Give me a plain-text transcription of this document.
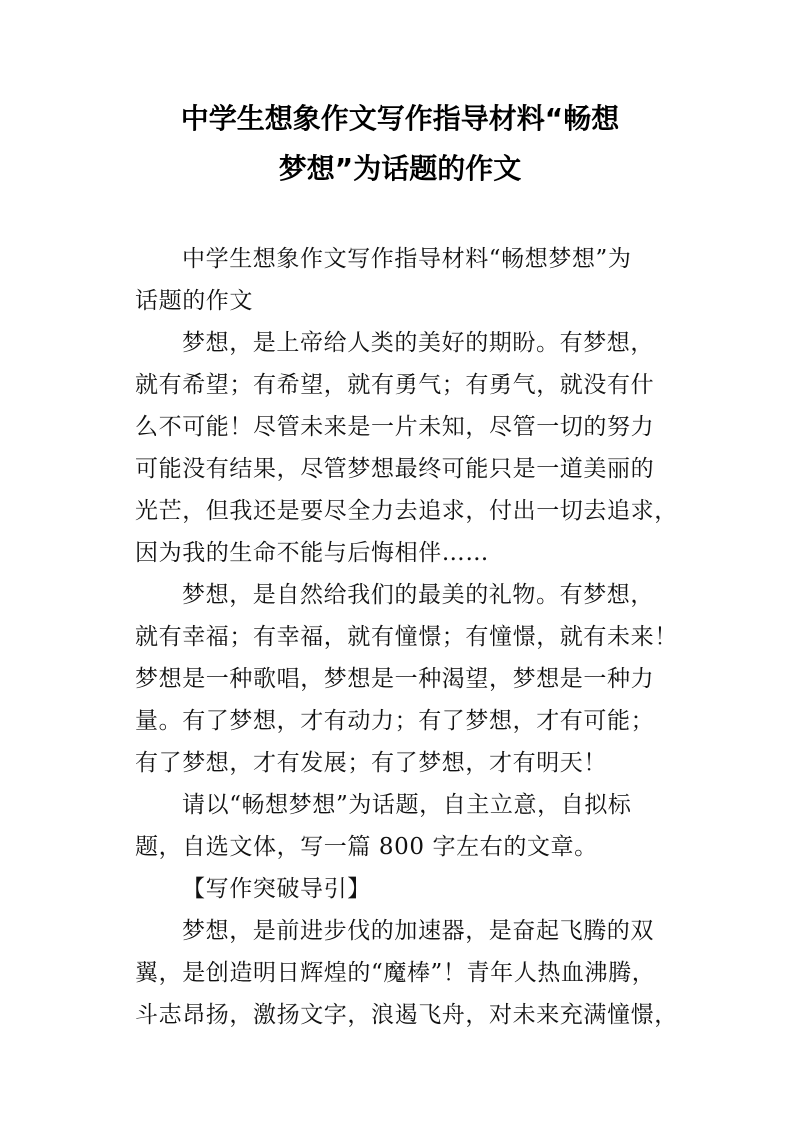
中学生想象作文写作指导材料“畅想
梦想”为话题的作文
中学生想象作文写作指导材料“畅想梦想”为
话题的作文
梦想，是上帝给人类的美好的期盼。有梦想，
就有希望；有希望，就有勇气；有勇气，就没有什
么不可能！尽管未来是一片未知，尽管一切的努力
可能没有结果，尽管梦想最终可能只是一道美丽的
光芒，但我还是要尽全力去追求，付出一切去追求，
因为我的生命不能与后悔相伴……
梦想，是自然给我们的最美的礼物。有梦想，
就有幸福；有幸福，就有憧憬；有憧憬，就有未来！
梦想是一种歌唱，梦想是一种渴望，梦想是一种力
量。有了梦想，才有动力；有了梦想，才有可能；
有了梦想，才有发展；有了梦想，才有明天！
请以“畅想梦想”为话题，自主立意，自拟标
题，自选文体，写一篇 800 字左右的文章。
【写作突破导引】
梦想，是前进步伐的加速器，是奋起飞腾的双
翼，是创造明日辉煌的“魔棒”！青年人热血沸腾，
斗志昂扬，激扬文字，浪遏飞舟，对未来充满憧憬，
